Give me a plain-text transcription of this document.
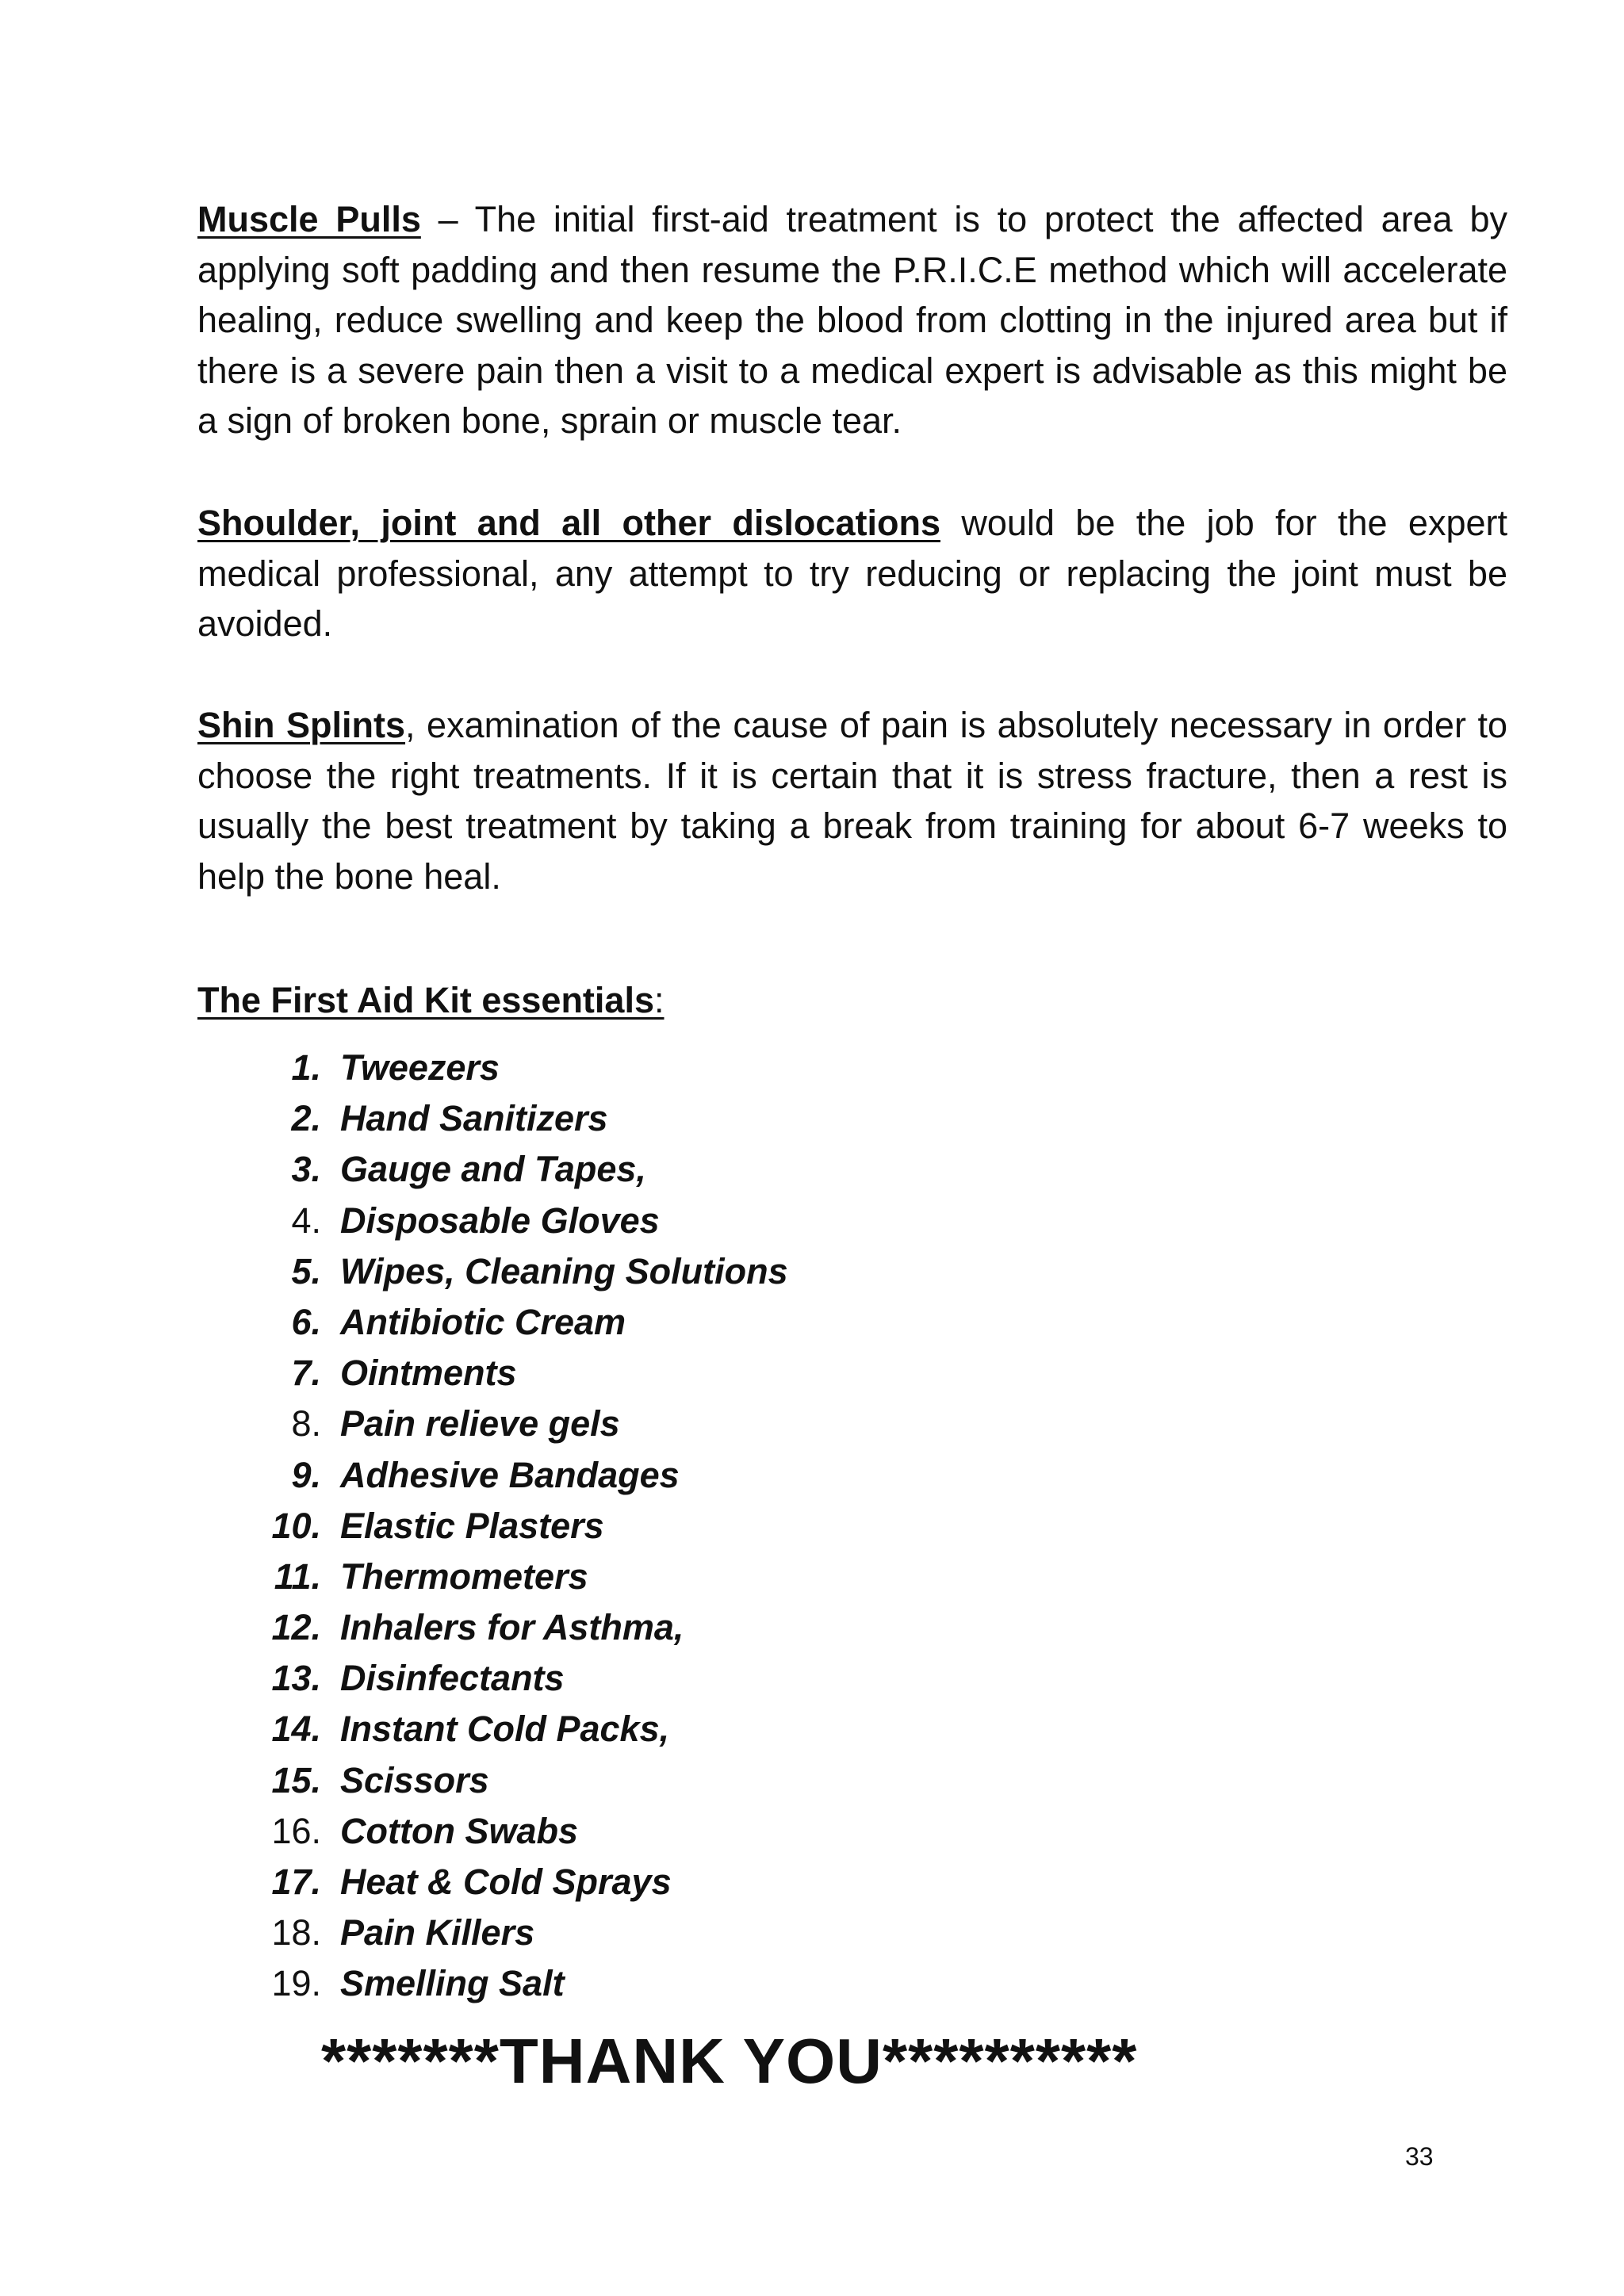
Muscle Pulls – The initial first-aid treatment is to protect the affected area by applying soft padding and then resume the P.R.I.C.E method which will accelerate healing, reduce swelling and keep the blood from clotting in the injured area but if there is a severe pain then a visit to a medical expert is advisable as this might be a sign of broken bone, sprain or muscle tear.

Shoulder, joint and all other dislocations would be the job for the expert medical professional, any attempt to try reducing or replacing the joint must be avoided.

Shin Splints, examination of the cause of pain is absolutely necessary in order to choose the right treatments. If it is certain that it is stress fracture, then a rest is usually the best treatment by taking a break from training for about 6-7 weeks to help the bone heal.

The First Aid Kit essentials:

1. Tweezers
2. Hand Sanitizers
3. Gauge and Tapes,
4. Disposable Gloves
5. Wipes, Cleaning Solutions
6. Antibiotic Cream
7. Ointments
8. Pain relieve gels
9. Adhesive Bandages
10. Elastic Plasters
11. Thermometers
12. Inhalers for Asthma,
13. Disinfectants
14. Instant Cold Packs,
15. Scissors
16. Cotton Swabs
17. Heat & Cold Sprays
18. Pain Killers
19. Smelling Salt

*******THANK YOU**********

33
